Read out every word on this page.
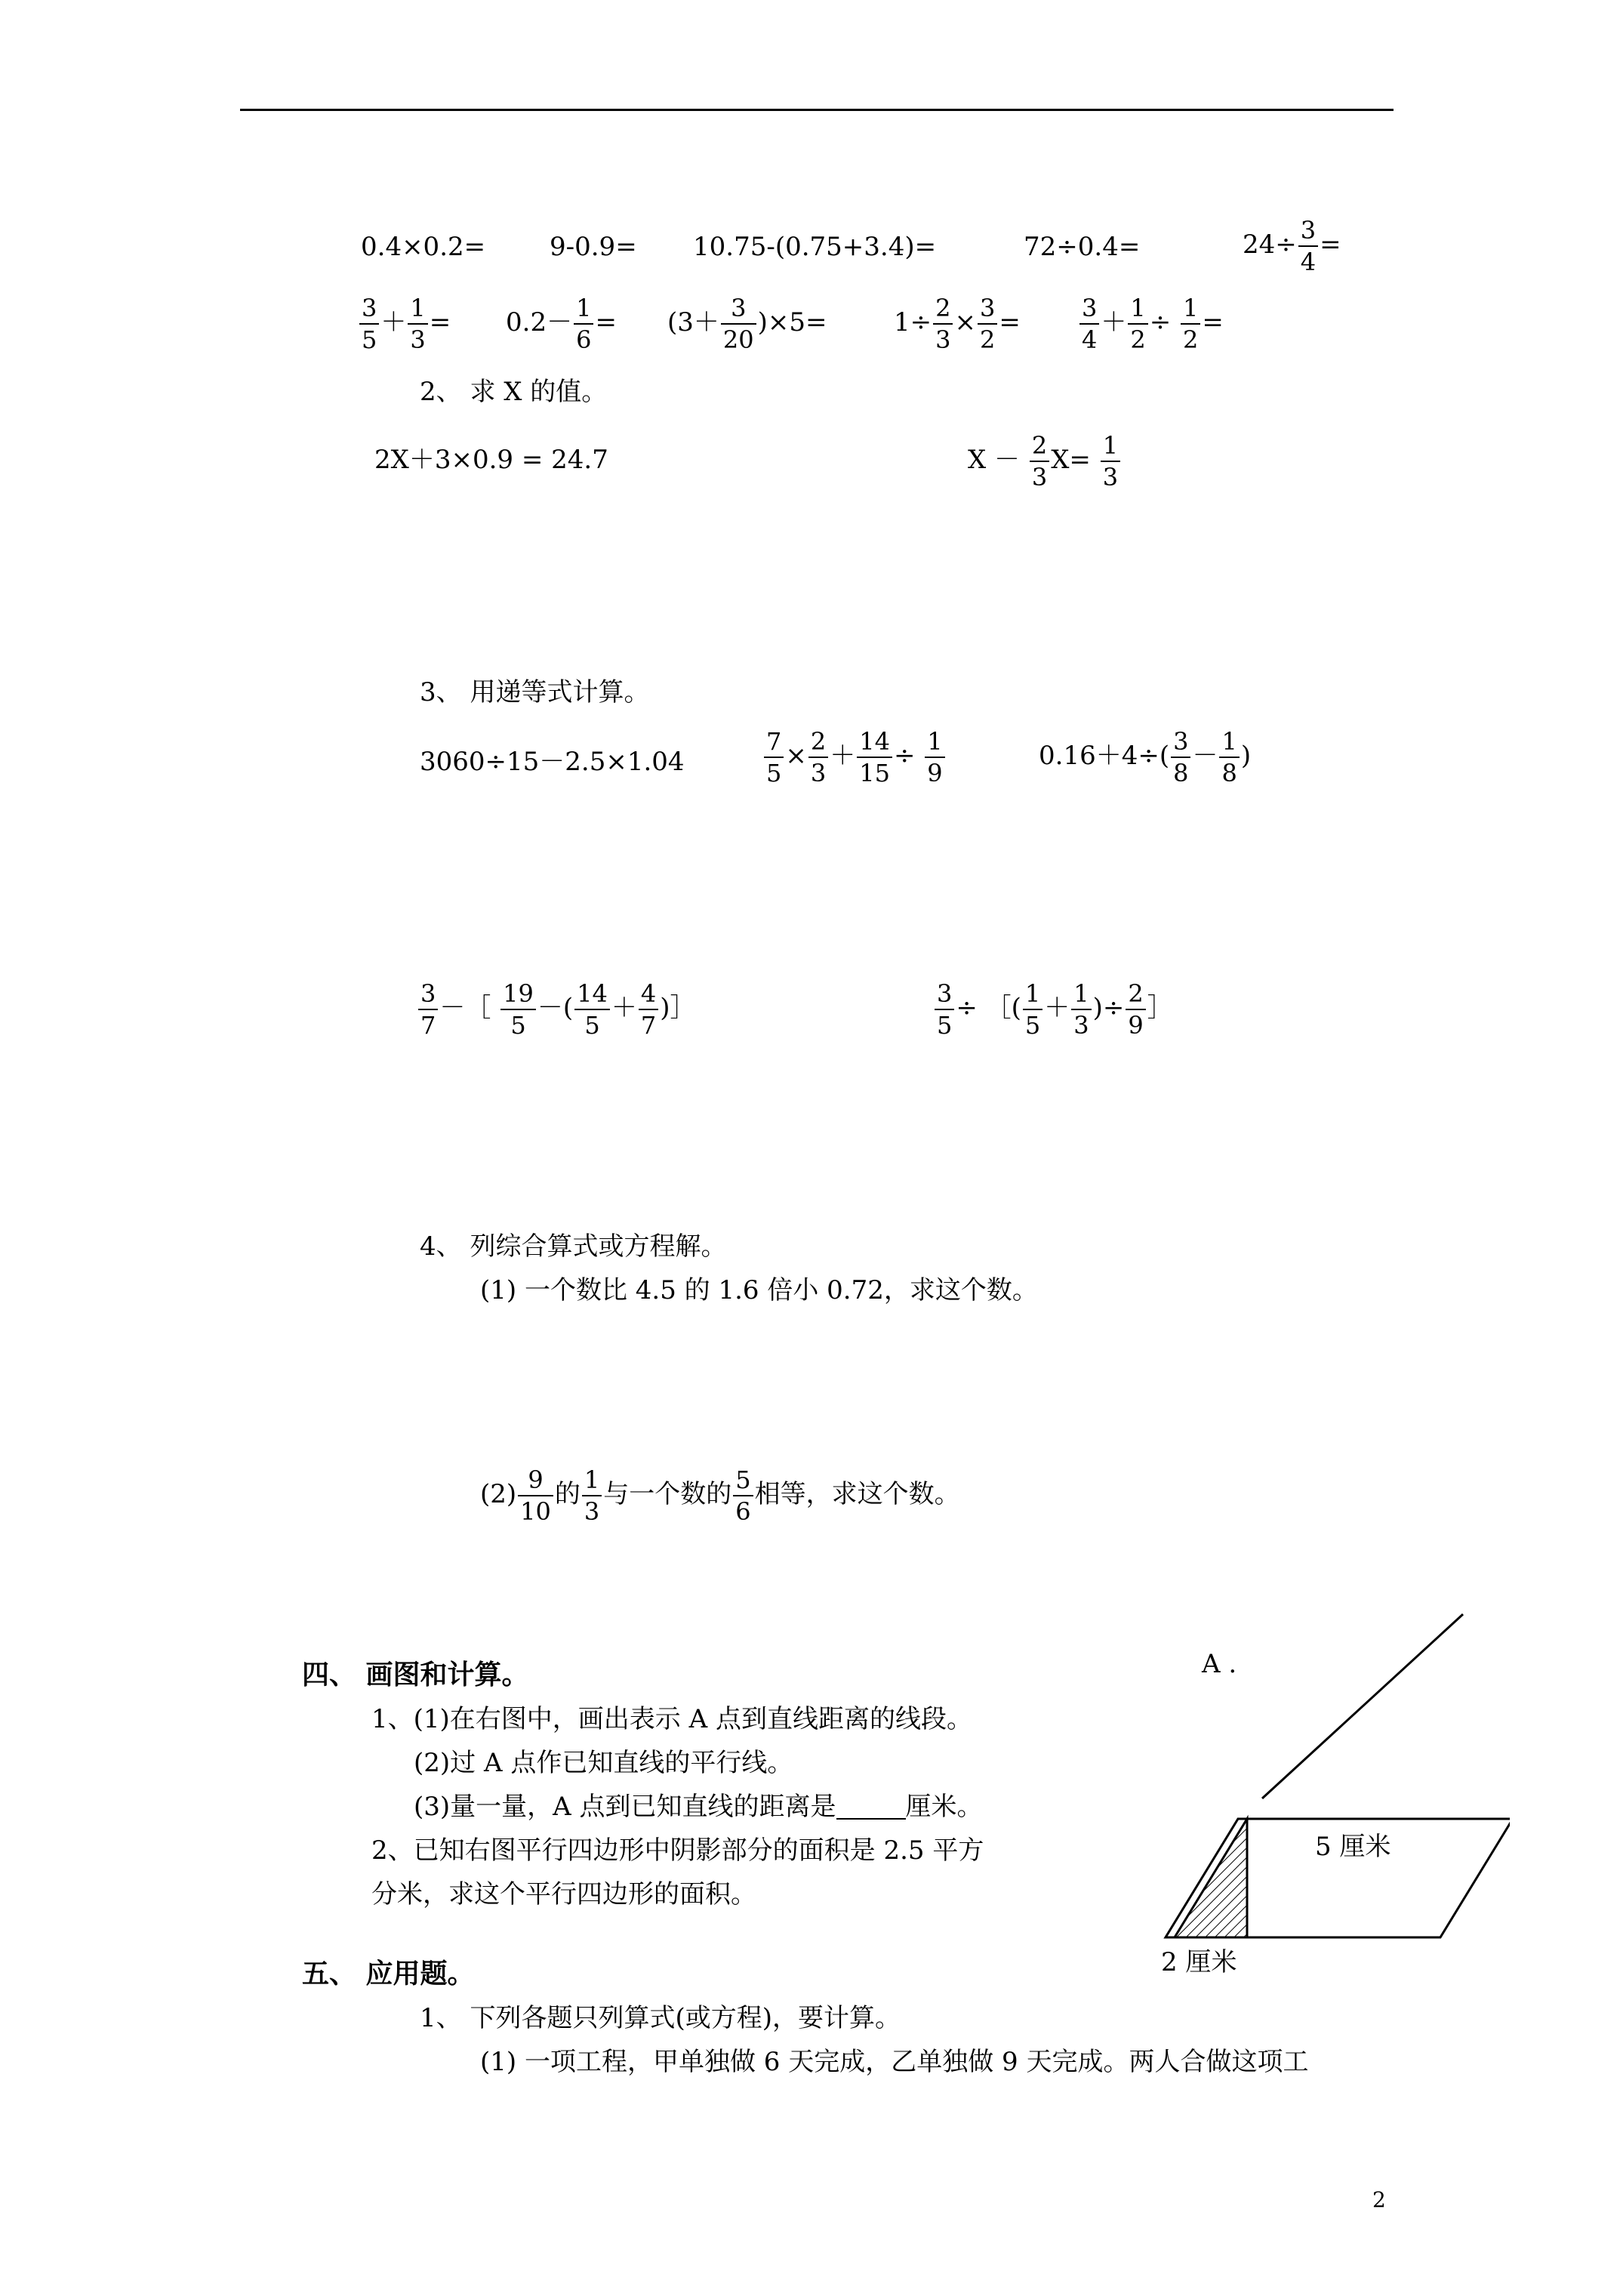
0.4×0.2= 9-0.9= 10.75-(0.75+3.4)=	72÷0.4=	$24\div \frac{3}{4}$ =
$\frac{3}{5} + \frac{1}{3} = 0.2- \frac{1}{6} = (3+ \frac{3}{20} )\times 5=$	$1\div \frac{2}{3} \times \frac{3}{2} = \frac{3}{4} + \frac{1}{2} \div \frac{1}{2}$ =
2、 求 X 的值。
2X＋3×0.9 = 24.7	$X - \frac{2}{3} X= \frac{1}{3}$
3、 用递等式计算。
3060÷15－2.5×1.04	$\frac{7}{5} \times \frac{2}{3} + \frac{14}{15} \div \frac{1}{9}$	$0.16+4\div( \frac{3}{8} - \frac{1}{8}$ )
$\frac{3}{7}$ －［ $\frac{19}{5}$ －( $\frac{14}{5} + \frac{4}{7}$ )］	$\frac{3}{5}$ ÷ ［( $\frac{1}{5} + \frac{1}{3}$ )÷ $\frac{2}{9}$ ］
4、 列综合算式或方程解。
(1) 一个数比 4.5 的 1.6 倍小 0.72，求这个数。
$(2) \frac{9}{10}$ 的 $\frac{1}{3}$ 与一个数的 $\frac{5}{6}$ 相等，求这个数。
四、 画图和计算。
1、(1)在右图中，画出表示 A 点到直线距离的线段。
(2)过 A 点作已知直线的平行线。
(3)量一量，A 点到已知直线的距离是	厘米。
2、已知右图平行四边形中阴影部分的面积是 2.5 平方
分米，求这个平行四边形的面积。
A .
5 厘米
2 厘米
五、 应用题。
1、 下列各题只列算式(或方程)，要计算。
(1) 一项工程，甲单独做 6 天完成，乙单独做 9 天完成。两人合做这项工
2
